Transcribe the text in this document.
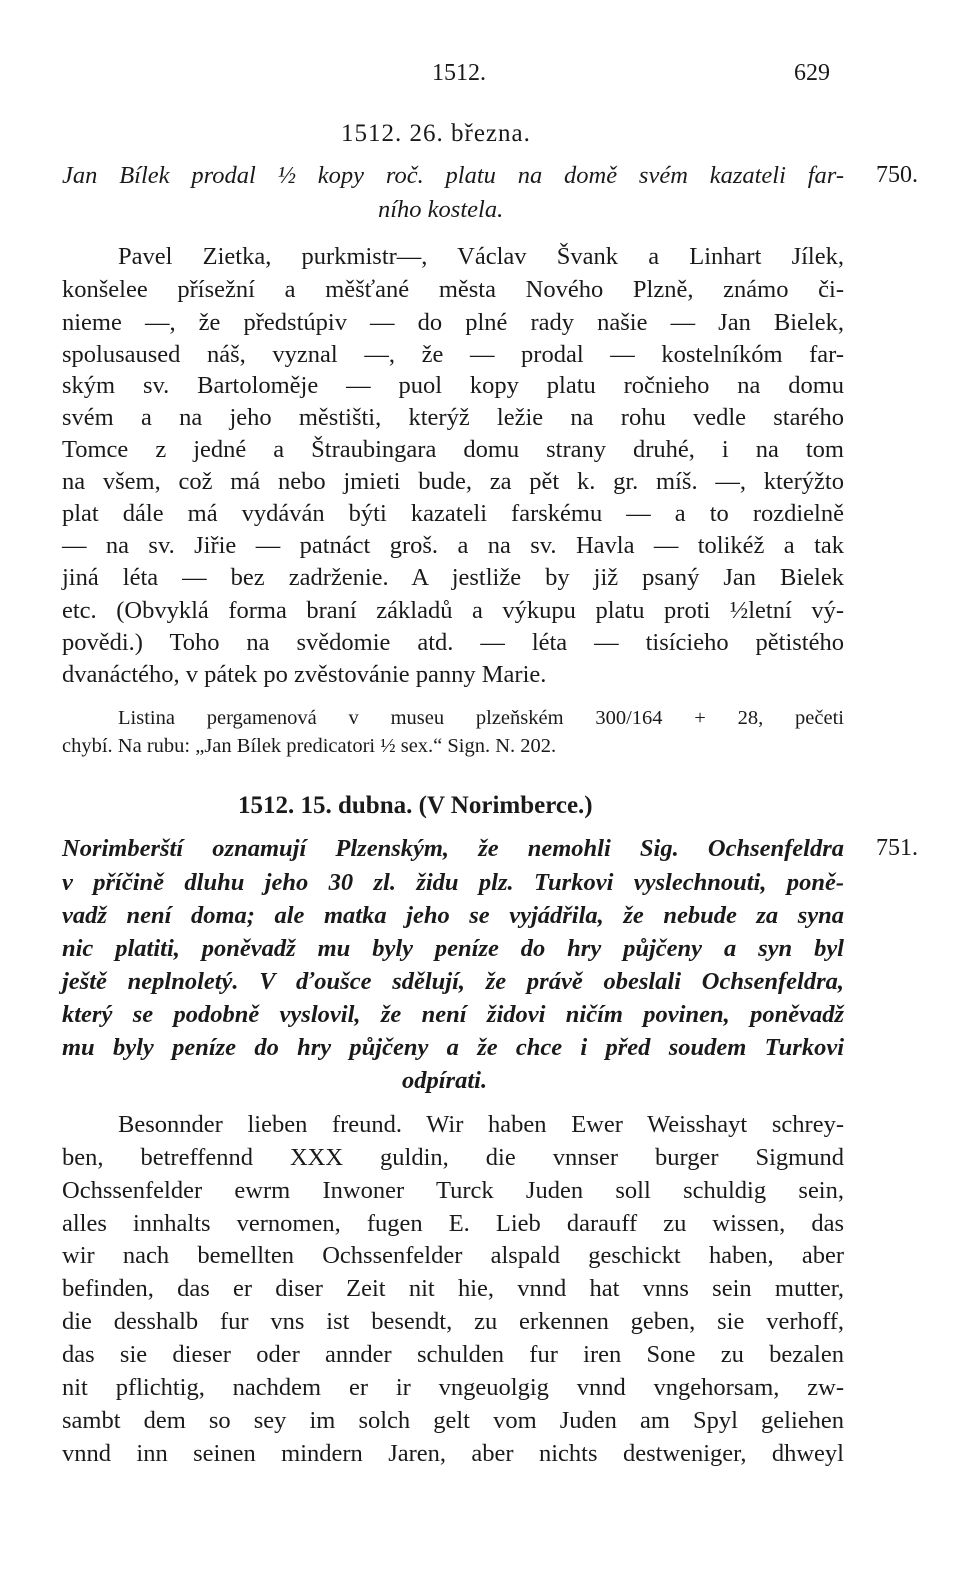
1512.	629
1512. 26. března.
750.
Jan Bílek prodal ½ kopy roč. platu na domě svém kazateli far-
ního kostela.
Pavel Zietka, purkmistr—, Václav Švank a Linhart Jílek,
konšelee přísežní a měšťané města Nového Plzně, známo či-
nieme —, že předstúpiv — do plné rady našie — Jan Bielek,
spolusaused náš, vyznal —, že — prodal — kostelníkóm far-
ským sv. Bartoloměje — puol kopy platu ročnieho na domu
svém a na jeho městišti, kterýž ležie na rohu vedle starého
Tomce z jedné a Štraubingara domu strany druhé, i na tom
na všem, což má nebo jmieti bude, za pět k. gr. míš. —, kterýžto
plat dále má vydáván býti kazateli farskému — a to rozdielně
— na sv. Jiřie — patnáct groš. a na sv. Havla — tolikéž a tak
jiná léta — bez zadrženie. A jestliže by již psaný Jan Bielek
etc. (Obvyklá forma braní základů a výkupu platu proti ½letní vý-
povědi.) Toho na svědomie atd. — léta — tisícieho pětistého
dvanáctého, v pátek po zvěstovánie panny Marie.
Listina pergamenová v museu plzeňském 300/164 + 28, pečeti
chybí. Na rubu: „Jan Bílek predicatori ½ sex.“ Sign. N. 202.
1512. 15. dubna. (V Norimberce.)
751.
Norimberští oznamují Plzenským, že nemohli Sig. Ochsenfeldra
v příčině dluhu jeho 30 zl. židu plz. Turkovi vyslechnouti, poně-
vadž není doma; ale matka jeho se vyjádřila, že nebude za syna
nic platiti, poněvadž mu byly peníze do hry půjčeny a syn byl
ještě neplnoletý. V ďoušce sdělují, že právě obeslali Ochsenfeldra,
který se podobně vyslovil, že není židovi ničím povinen, poněvadž
mu byly peníze do hry půjčeny a že chce i před soudem Turkovi
odpírati.
Besonnder lieben freund. Wir haben Ewer Weisshayt schrey-
ben, betreffennd XXX guldin, die vnnser burger Sigmund
Ochssenfelder ewrm Inwoner Turck Juden soll schuldig sein,
alles innhalts vernomen, fugen E. Lieb darauff zu wissen, das
wir nach bemellten Ochssenfelder alspald geschickt haben, aber
befinden, das er diser Zeit nit hie, vnnd hat vnns sein mutter,
die desshalb fur vns ist besendt, zu erkennen geben, sie verhoff,
das sie dieser oder annder schulden fur iren Sone zu bezalen
nit pflichtig, nachdem er ir vngeuolgig vnnd vngehorsam, zw-
sambt dem so sey im solch gelt vom Juden am Spyl geliehen
vnnd inn seinen mindern Jaren, aber nichts destweniger, dhweyl
